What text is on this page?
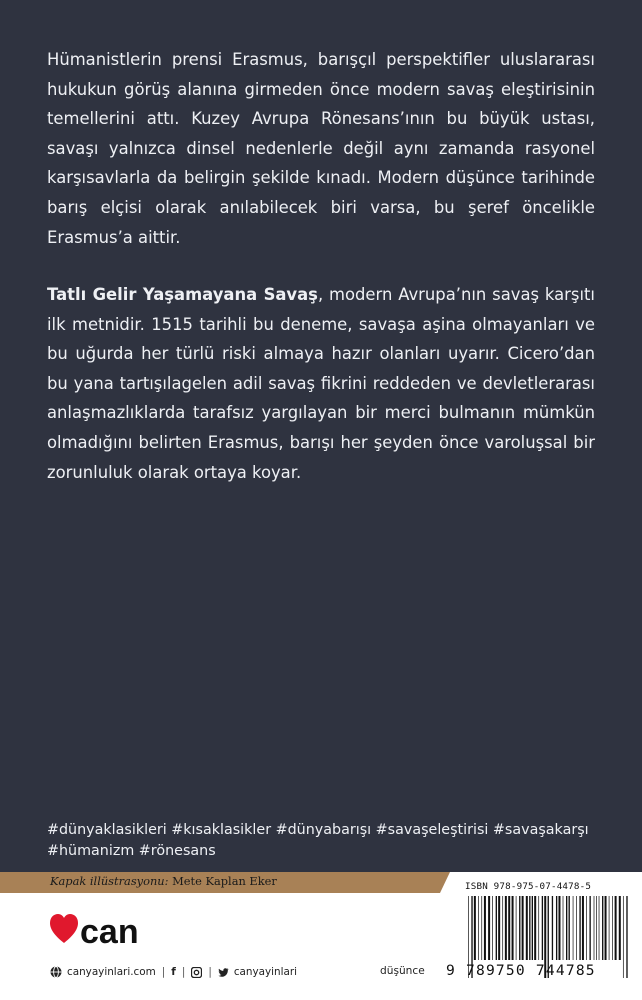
Hümanistlerin prensi Erasmus, barışçıl perspektifler uluslararası hukukun görüş alanına girmeden önce modern savaş eleştirisinin temellerini attı. Kuzey Avrupa Rönesans’ının bu büyük ustası, savaşı yalnızca dinsel nedenlerle değil aynı zamanda rasyonel karşısavlarla da belirgin şekilde kınadı. Modern düşünce tarihinde barış elçisi olarak anılabilecek biri varsa, bu şeref öncelikle Erasmus’a aittir.

Tatlı Gelir Yaşamayana Savaş, modern Avrupa’nın savaş karşıtı ilk metnidir. 1515 tarihli bu deneme, savaşa aşina olmayanları ve bu uğurda her türlü riski almaya hazır olanları uyarır. Cicero’dan bu yana tartışılagelen adil savaş fikrini reddeden ve devletlerarası anlaşmazlıklarda tarafsız yargılayan bir merci bulmanın mümkün olmadığını belirten Erasmus, barışı her şeyden önce varoluşsal bir zorunluluk olarak ortaya koyar.

#dünyaklasikleri #kısaklasikler #dünyabarışı #savaşeleştirisi #savaşakarşı #hümanizm #rönesans
Kapak illüstrasyonu: Mete Kaplan Eker
can
canyayinlari.com | f | | canyayinlari	düşünce
ISBN 978-975-07-4478-5
9 789750 744785
